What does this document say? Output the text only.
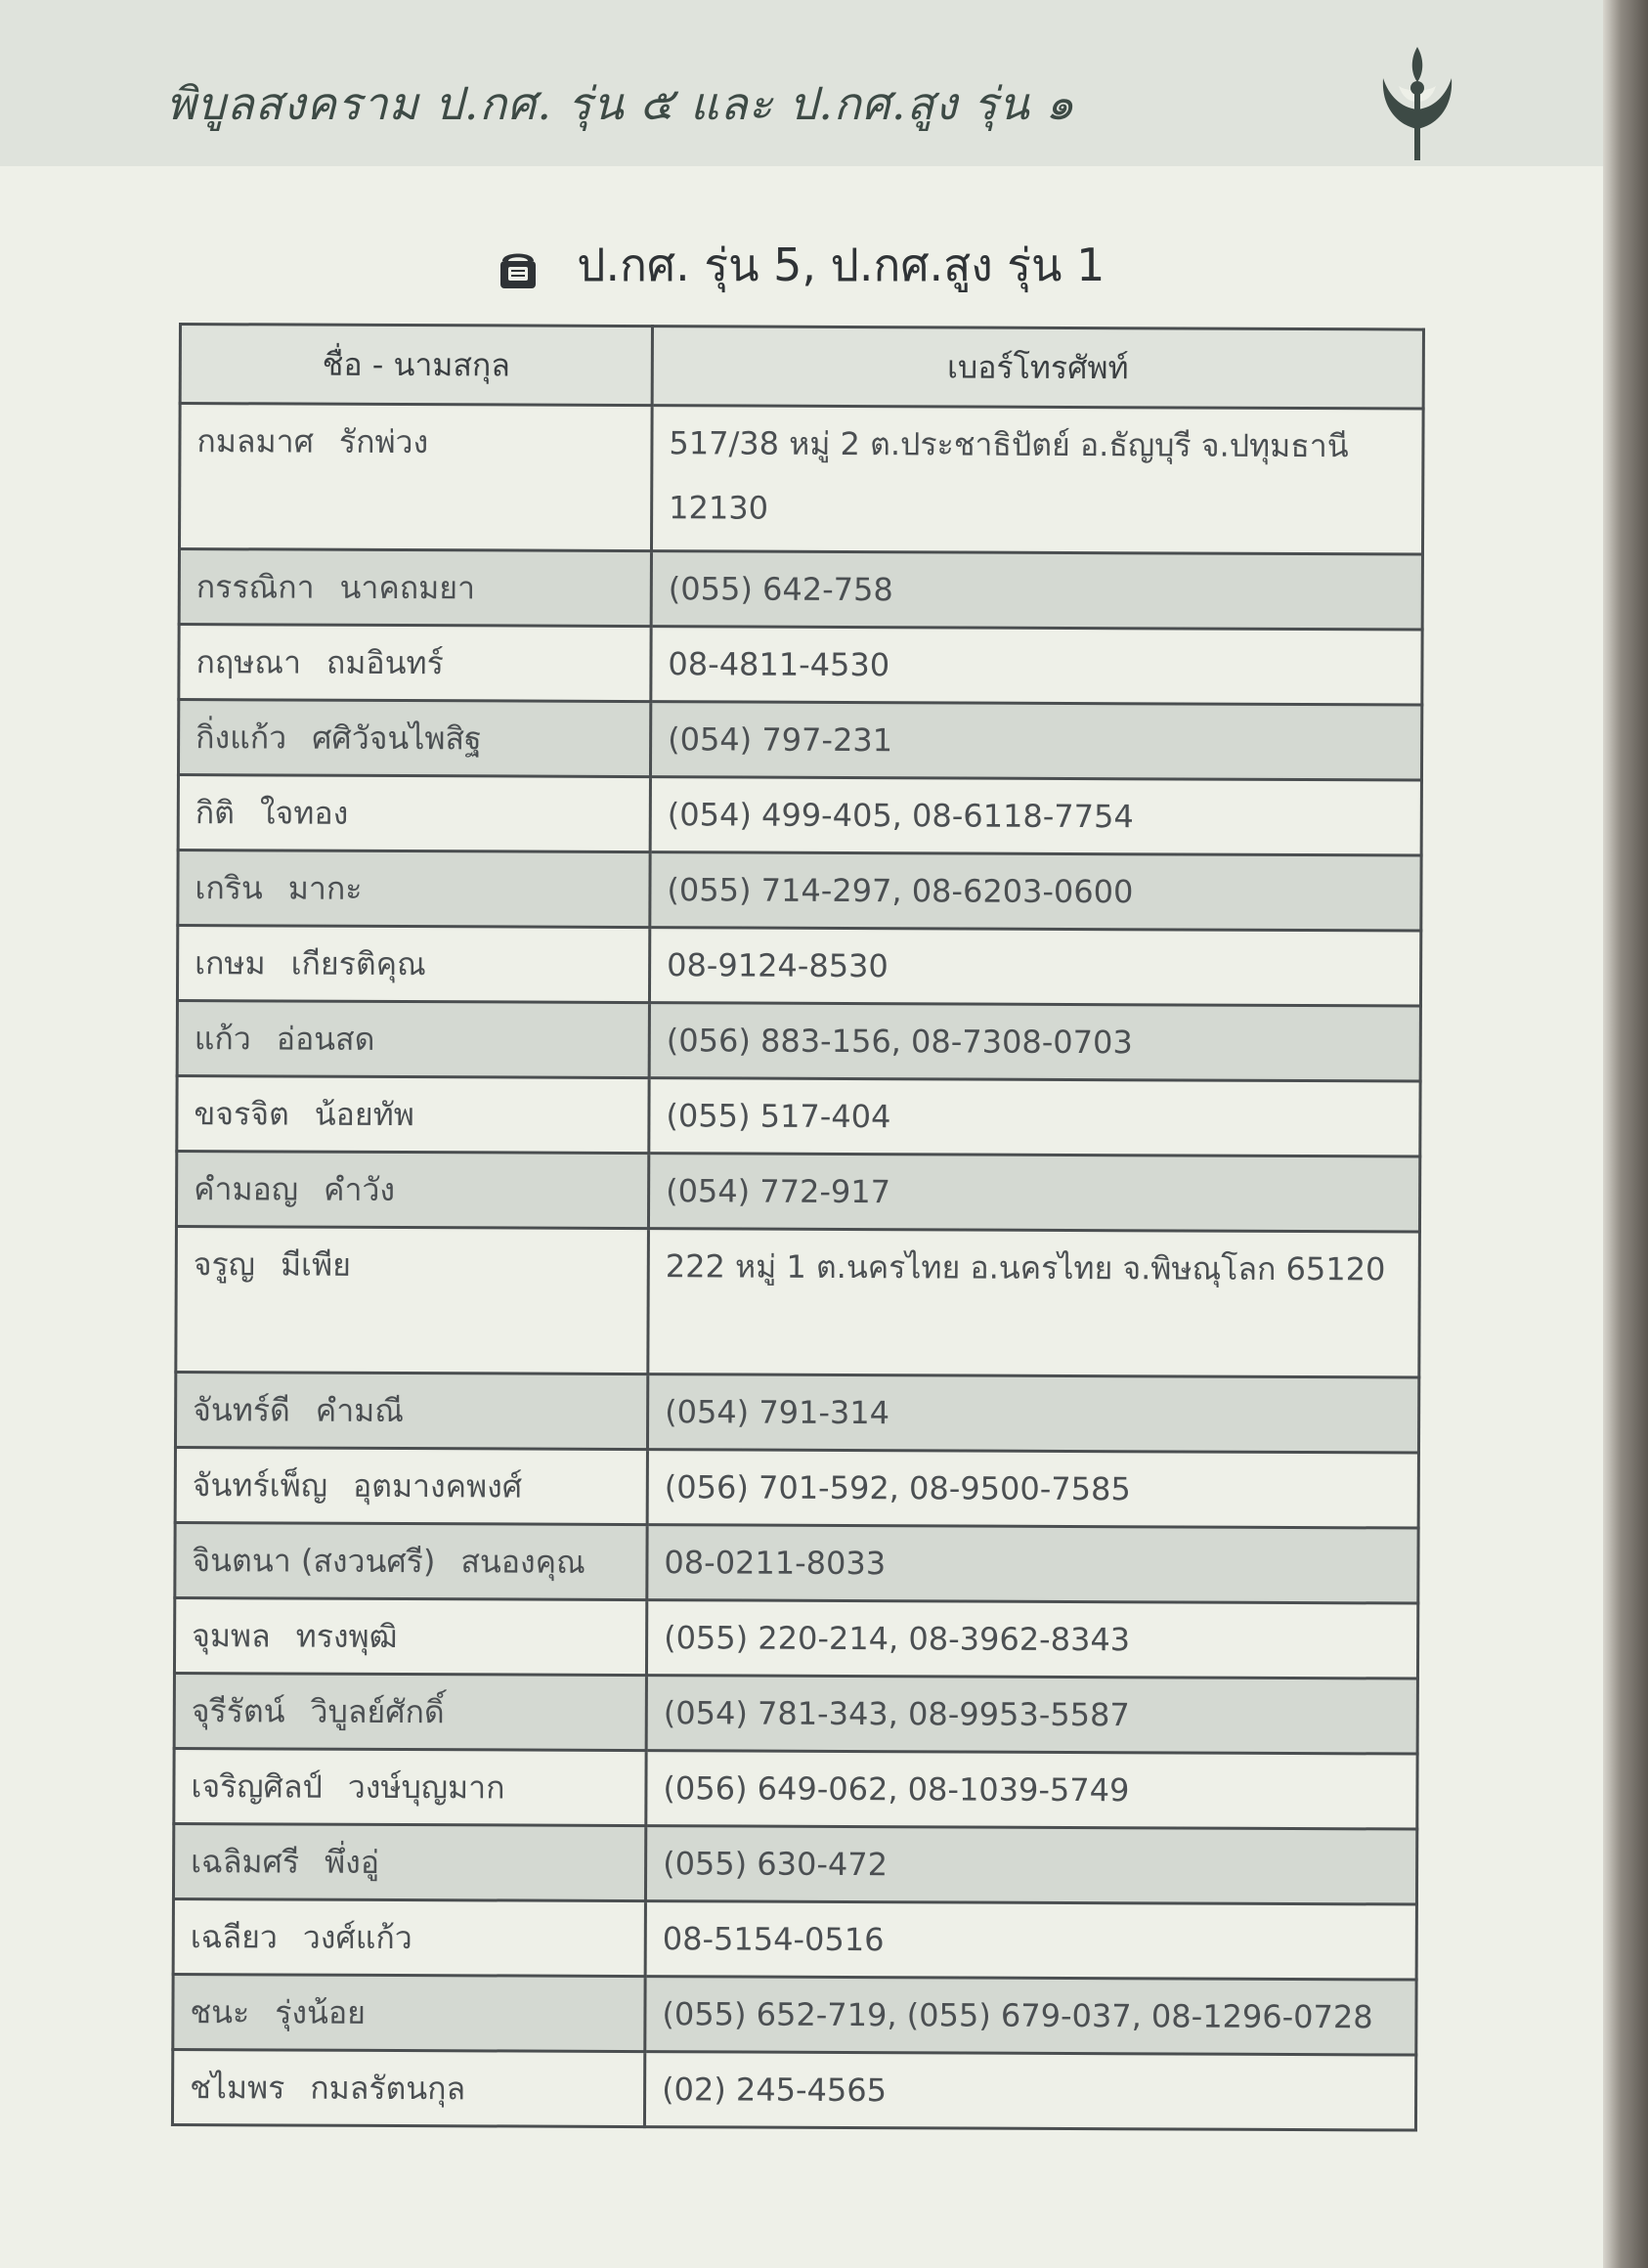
พิบูลสงคราม ป.กศ. รุ่น ๕ และ ป.กศ.สูง รุ่น ๑
ป.กศ. รุ่น 5, ป.กศ.สูง รุ่น 1
ชื่อ - นามสกุล	เบอร์โทรศัพท์
กมลมาศ รักพ่วง	517/38 หมู่ 2 ต.ประชาธิปัตย์ อ.ธัญบุรี จ.ปทุมธานี 12130
กรรณิกา นาคถมยา	(055) 642-758
กฤษณา ถมอินทร์	08-4811-4530
กิ่งแก้ว ศศิวัจนไพสิฐ	(054) 797-231
กิติ ใจทอง	(054) 499-405, 08-6118-7754
เกริน มากะ	(055) 714-297, 08-6203-0600
เกษม เกียรติคุณ	08-9124-8530
แก้ว อ่อนสด	(056) 883-156, 08-7308-0703
ขจรจิต น้อยทัพ	(055) 517-404
คำมอญ คำวัง	(054) 772-917
จรูญ มีเพีย	222 หมู่ 1 ต.นครไทย อ.นครไทย จ.พิษณุโลก 65120
จันทร์ดี คำมณี	(054) 791-314
จันทร์เพ็ญ อุตมางคพงศ์	(056) 701-592, 08-9500-7585
จินตนา (สงวนศรี) สนองคุณ	08-0211-8033
จุมพล ทรงพุฒิ	(055) 220-214, 08-3962-8343
จุรีรัตน์ วิบูลย์ศักดิ์	(054) 781-343, 08-9953-5587
เจริญศิลป์ วงษ์บุญมาก	(056) 649-062, 08-1039-5749
เฉลิมศรี พึ่งอู่	(055) 630-472
เฉลียว วงศ์แก้ว	08-5154-0516
ชนะ รุ่งน้อย	(055) 652-719, (055) 679-037, 08-1296-0728
ชไมพร กมลรัตนกุล	(02) 245-4565
